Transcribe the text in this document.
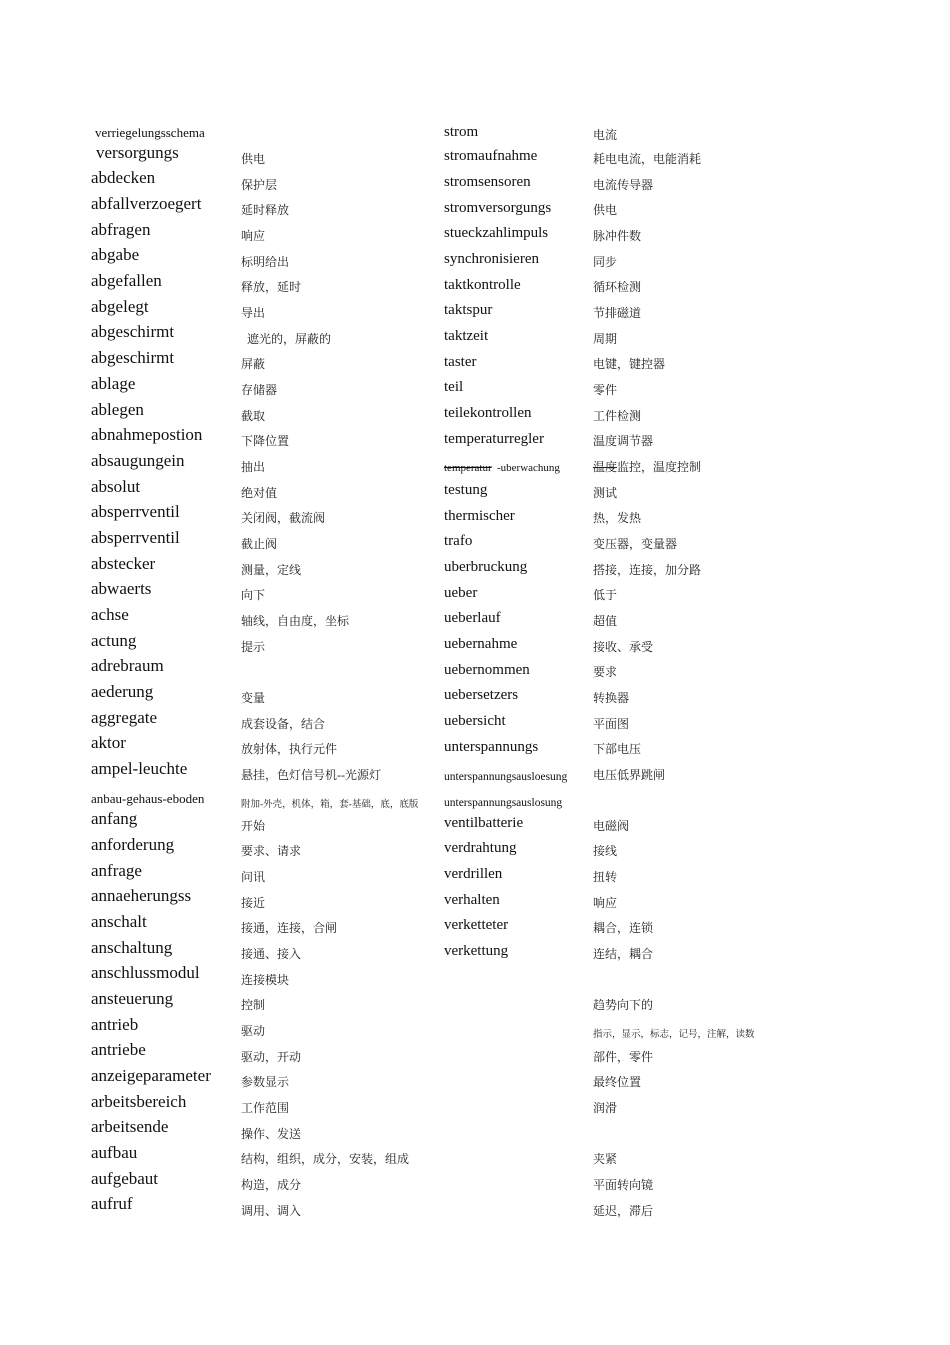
verriegelungsschema
versorgungs
abdecken
abfallverzoegert
abfragen
abgabe
abgefallen
abgelegt
abgeschirmt
abgeschirmt
ablage
ablegen
abnahmepostion
absaugungein
absolut
absperrventil
absperrventil
abstecker
abwaerts
achse
actung
adrebraum
aederung
aggregate
aktor
ampel-leuchte
anbau-gehaus-eboden
anfang
anforderung
anfrage
annaeherungss
anschalt
anschaltung
anschlussmodul
ansteuerung
antrieb
antriebe
anzeigeparameter
arbeitsbereich
arbeitsende
aufbau
aufgebaut
aufruf
供电
保护层
延时释放
响应
标明给出
释放，延时
导出
遮光的，屏蔽的
屏蔽
存储器
截取
下降位置
抽出
绝对值
关闭阀，截流阀
截止阀
测量，定线
向下
轴线，自由度，坐标
提示
变量
成套设备，结合
放射体，执行元件
悬挂，色灯信号机--光源灯
附加-外壳，机体，箱，套-基础，底，底版
开始
要求、请求
问讯
接近
接通，连接，合闸
接通、接入
连接模块
控制
驱动
驱动，开动
参数显示
工作范围
操作、发送
结构，组织，成分，安装，组成
构造，成分
调用、调入
strom
stromaufnahme
stromsensoren
stromversorgungs
stueckzahlimpuls
synchronisieren
taktkontrolle
taktspur
taktzeit
taster
teil
teilekontrollen
temperaturregler
temperatur -uberwachung
testung
thermischer
trafo
uberbruckung
ueber
ueberlauf
uebernahme
uebernommen
uebersetzers
uebersicht
unterspannungs
unterspannungsausloesung
unterspannungsauslosung
ventilbatterie
verdrahtung
verdrillen
verhalten
verketteter
verkettung
电流
耗电电流，电能消耗
电流传导器
供电
脉冲件数
同步
循环检测
节排磁道
周期
电键，键控器
零件
工件检测
温度调节器
温度 监控，温度控制
测试
热，发热
变压器，变量器
搭接，连接，加分路
低于
超值
接收、承受
要求
转换器
平面图
下部电压
电压低界跳闸
电磁阀
接线
扭转
响应
耦合，连锁
连结，耦合
趋势向下的
指示，显示，标志，记号，注解，读数
部件，零件
最终位置
润滑
夹紧
平面转向镜
延迟，滞后
